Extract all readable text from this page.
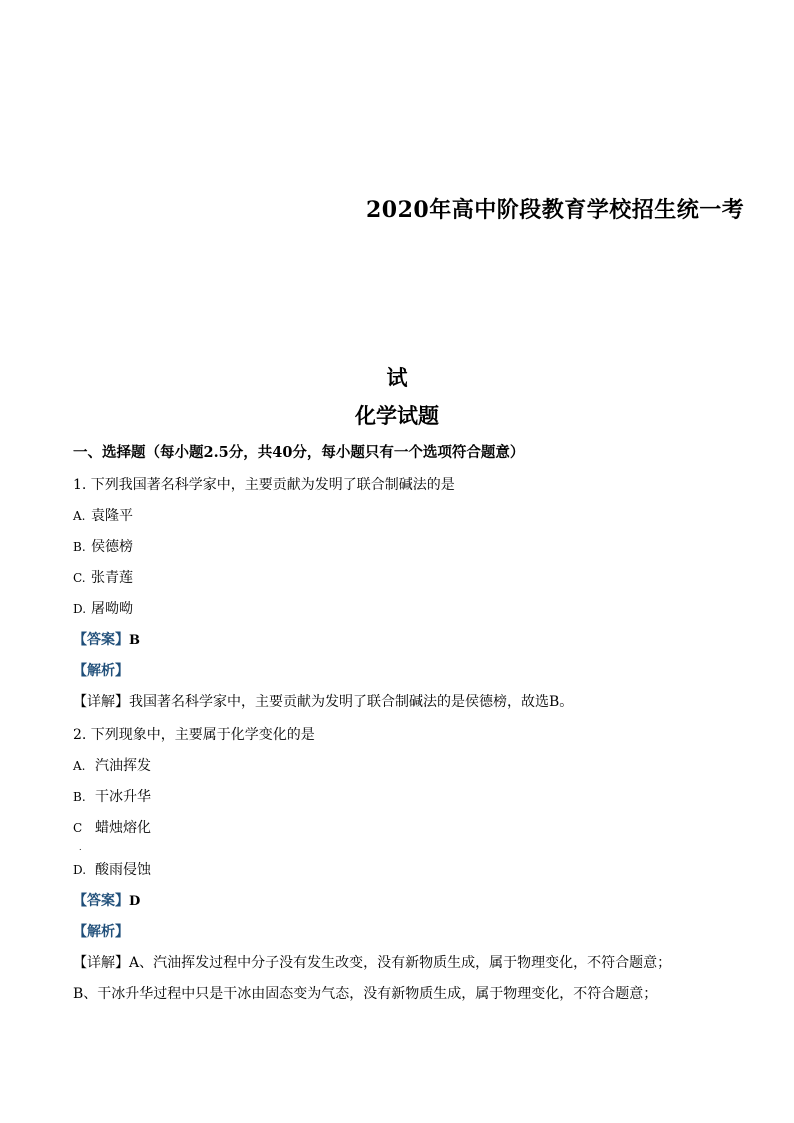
2020年高中阶段教育学校招生统一考
试
化学试题
一、选择题（每小题2.5分，共40分，每小题只有一个选项符合题意）
1. 下列我国著名科学家中，主要贡献为发明了联合制碱法的是
A. 袁隆平
B. 侯德榜
C. 张青莲
D. 屠呦呦
【答案】B
【解析】
【详解】我国著名科学家中，主要贡献为发明了联合制碱法的是侯德榜，故选B。
2. 下列现象中，主要属于化学变化的是
A. 汽油挥发
B. 干冰升华
C 蜡烛熔化
.
D. 酸雨侵蚀
【答案】D
【解析】
【详解】A、汽油挥发过程中分子没有发生改变，没有新物质生成，属于物理变化，不符合题意；
B、干冰升华过程中只是干冰由固态变为气态，没有新物质生成，属于物理变化，不符合题意；
